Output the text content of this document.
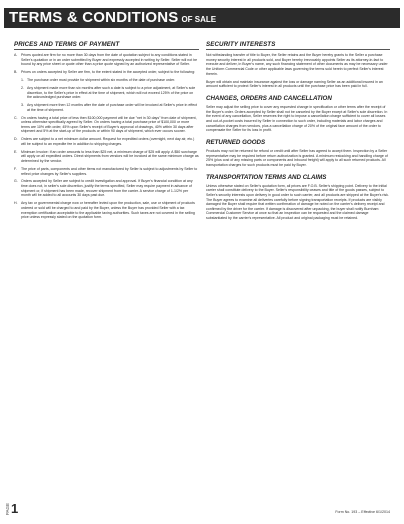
TERMS & CONDITIONS OF SALE
PRICES AND TERMS OF PAYMENT
A.	Prices quoted are firm for no more than 30 days from the date of quotation subject to any conditions stated in Seller's quotation or in an order submitted by Buyer and expressly accepted in writing by Seller. Seller will not be bound by any price sheet or quote other than a price quote signed by an authorized representative of Seller.
B.	Prices on orders accepted by Seller are firm, to the extent stated in the accepted order, subject to the following:
1. The purchase order must provide for shipment within six months of the date of purchase order.
2. Any shipment made more than six months after such a date is subject to a price adjustment, at Seller's sole discretion, to the Seller's price in effect at the time of shipment, which will not exceed 125% of the price on the acknowledged purchase order.
3. Any shipment more then 12 months after the date of purchase order will be invoiced at Seller's price in effect at the time of shipment.
C. On orders having a total price of less then $100,000 payment will be due "net in 30 days" from date of shipment, unless otherwise specifically agreed by Seller. On orders having a total purchase price of $100,000 or more terms are 10% with order, 45% upon Seller's receipt of Buyer's approval of drawings, 40% within 30 days after shipment and 5% at the start-up of the products or within 90 days of shipment, which ever occurs sooner.
D. Orders are subject to a net minimum dollar amount. Request for expedited orders (overnight, next day air, etc.) will be subject to an expedite fee in addition to shipping charges.
E.	Minimum Invoice: If an order amounts to less than $25 net, a minimum charge of $25 will apply. A $50 surcharge will apply on all expedited orders. Direct shipments from vendors will be invoiced at the same minimum charge as determined by the vendor.
F.	The price of parts, components and other items not manufactured by Seller is subject to adjustments by Seller to reflect price changes by Seller's suppliers.
G. Orders accepted by Seller are subject to credit investigation and approval. If Buyer's financial condition at any time does not, in seller's sole discretion, justify the terms specified, Seller may require payment in advance of shipment or, if shipment has been made, recover shipment from the carrier. A service charge of 1-1/2% per month will be added to all accounts 30 days past due.
H. Any tax or governmental charge now or hereafter levied upon the production, sale, use or shipment of products ordered or sold will be charged to and paid by the Buyer, unless the Buyer has provided Seller with a tax exemption certification acceptable to the applicable taxing authorities. Such taxes are not covered in the selling price unless expressly stated on the quotation form.
SECURITY INTERESTS

Not withstanding transfer of title to Buyer, the Seller retains and the Buyer hereby grants to the Seller a purchase money security interest in all products sold, and Buyer hereby irrevocably appoints Seller as its attorney-in-fact to execute and deliver, in Buyer's name, any such financing statement of other documents as may be necessary under the Uniform Commercial Code or other applicable laws governing the terms sold herein to perfect Seller's interest therein.

Buyer will obtain and maintain insurance against the loss or damage naming Seller as an additional insured in an amount sufficient to protect Seller's interest in all products until the purchase price has been paid in full.

CHANGES, ORDERS AND CANCELLATION

Seller may adjust the selling price to cover any requested change in specification or other terms after the receipt of the Buyer's order. Orders accepted by Seller shall not be canceled by the Buyer except at Seller's sole discretion. In the event of any cancellation, Seller reserves the right to impose a cancellation charge sufficient to cover all losses and out-of-pocket costs incurred by Seller in connection to such order, including materials and labor charges and cancellation charges from vendors, plus a cancellation charge of 20% of the original face amount of the order to compensate the Seller for its loss in profit.

RETURNED GOODS

Products may not be returned for refund or credit until after Seller has agreed to accept them. Inspection by a Seller representative may be required before return authorization is granted. A minimum restocking and handling charge of 25% (plus cost of any missing parts or components and inbound freight) will apply to all such returned products. All transportation charges for such products must be paid by Buyer.

TRANSPORTATION TERMS AND CLAIMS

Unless otherwise stated on Seller's quotation form, all prices are F.O.B. Seller's shipping point. Delivery to the initial carrier shall constitute delivery to the Buyer. Seller's responsibility ceases and title of the goods passes, subject to Seller's security interests upon delivery in good order to such carrier, and all products are shipped at the Buyer's risk. The Buyer agrees to examine all deliveries carefully before signing transportation receipts. If products are visibly damaged the Buyer shall require that written confirmation of damage be noted on the carrier's delivery receipt and confirmed by the driver for the carrier. If damage is discovered after unpacking, the buyer shall notify Burnham Commercial Customer Service at once so that an inspection can be requested and the claimed damage substantiated by the carrier's representative. All product and original packaging must be retained.

PAGE 1	Form No. 193 – Effective 6/1/2014
